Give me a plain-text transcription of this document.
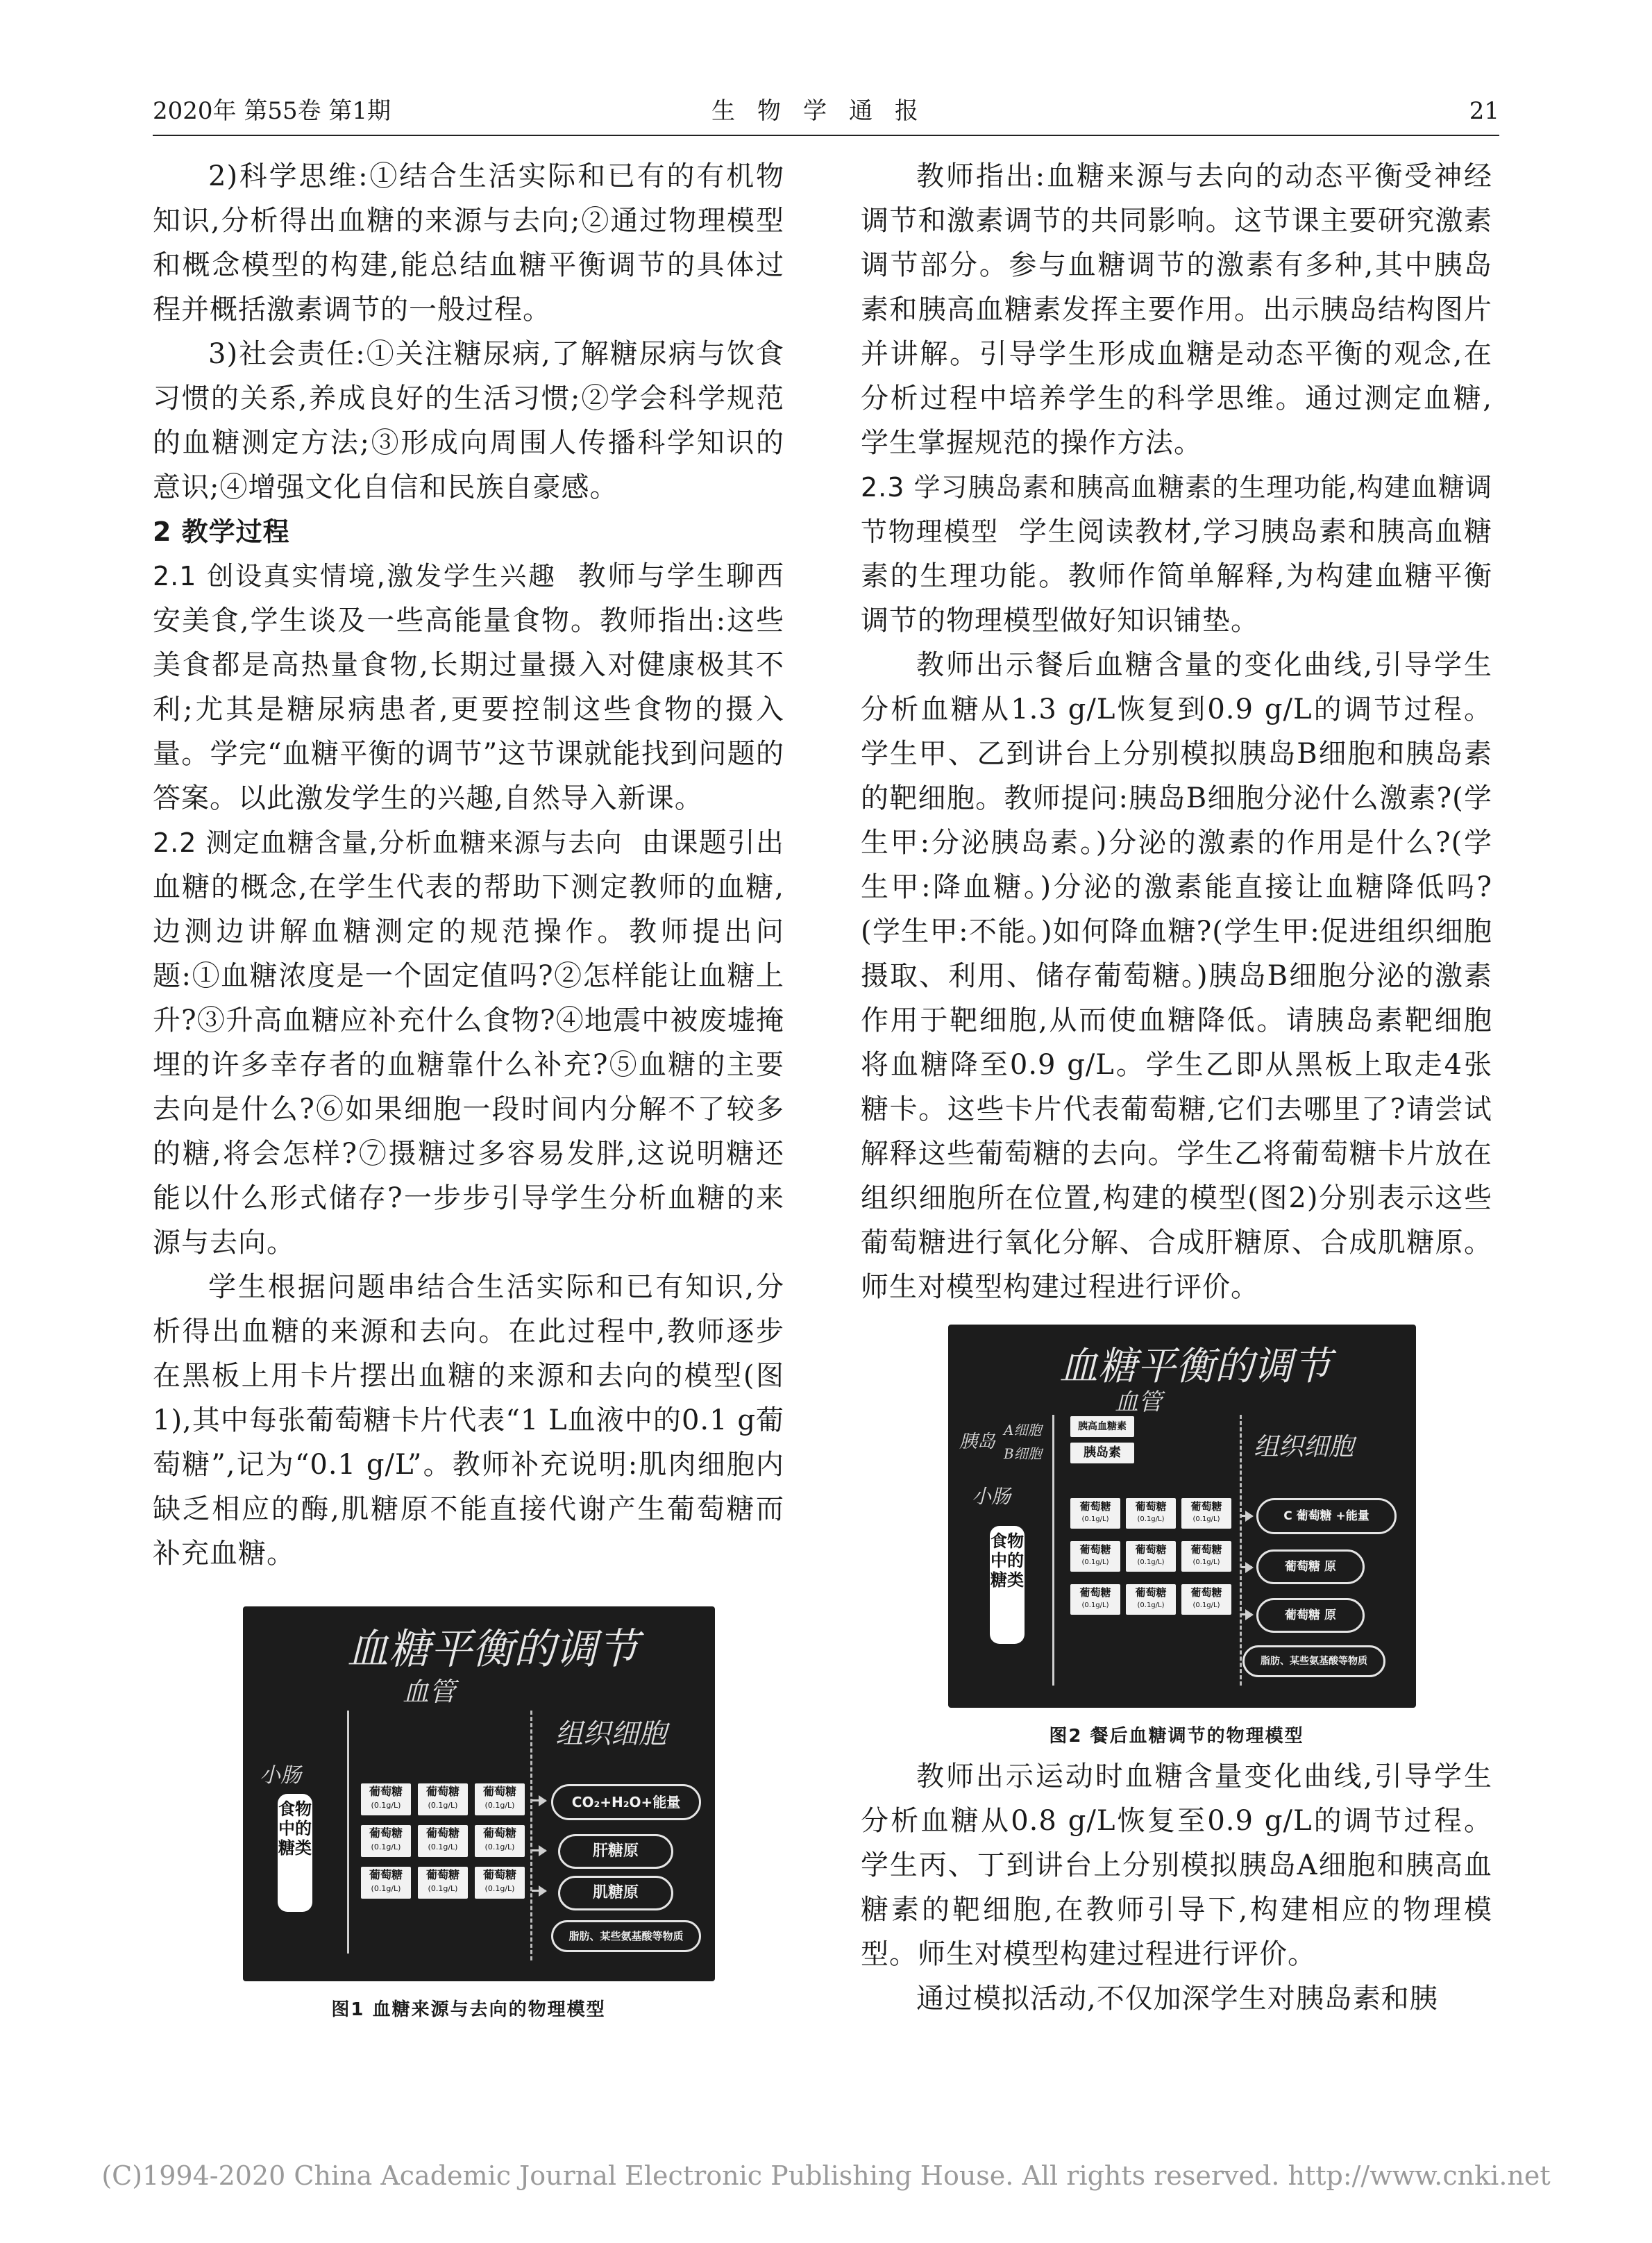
2020年 第55卷 第1期	生物学通报	21

2)科学思维:①结合生活实际和已有的有机物知识,分析得出血糖的来源与去向;②通过物理模型和概念模型的构建,能总结血糖平衡调节的具体过程并概括激素调节的一般过程。

3)社会责任:①关注糖尿病,了解糖尿病与饮食习惯的关系,养成良好的生活习惯;②学会科学规范的血糖测定方法;③形成向周围人传播科学知识的意识;④增强文化自信和民族自豪感。

2 教学过程

2.1 创设真实情境,激发学生兴趣 教师与学生聊西安美食,学生谈及一些高能量食物。教师指出:这些美食都是高热量食物,长期过量摄入对健康极其不利;尤其是糖尿病患者,更要控制这些食物的摄入量。学完“血糖平衡的调节”这节课就能找到问题的答案。以此激发学生的兴趣,自然导入新课。

2.2 测定血糖含量,分析血糖来源与去向 由课题引出血糖的概念,在学生代表的帮助下测定教师的血糖,边测边讲解血糖测定的规范操作。教师提出问题:①血糖浓度是一个固定值吗?②怎样能让血糖上升?③升高血糖应补充什么食物?④地震中被废墟掩埋的许多幸存者的血糖靠什么补充?⑤血糖的主要去向是什么?⑥如果细胞一段时间内分解不了较多的糖,将会怎样?⑦摄糖过多容易发胖,这说明糖还能以什么形式储存?一步步引导学生分析血糖的来源与去向。

学生根据问题串结合生活实际和已有知识,分析得出血糖的来源和去向。在此过程中,教师逐步在黑板上用卡片摆出血糖的来源和去向的模型(图1),其中每张葡萄糖卡片代表“1 L血液中的0.1 g葡萄糖”,记为“0.1 g/L”。教师补充说明:肌肉细胞内缺乏相应的酶,肌糖原不能直接代谢产生葡萄糖而补充血糖。

血糖平衡的调节
血管
组织细胞
小肠
食物中的糖类
葡萄糖
(0.1g/L)
葡萄糖
(0.1g/L)
葡萄糖
(0.1g/L)
葡萄糖
(0.1g/L)
葡萄糖
(0.1g/L)
葡萄糖
(0.1g/L)
葡萄糖
(0.1g/L)
葡萄糖
(0.1g/L)
葡萄糖
(0.1g/L)
CO₂+H₂O+能量
肝糖原
肌糖原
脂肪、某些氨基酸等物质
图1 血糖来源与去向的物理模型

教师指出:血糖来源与去向的动态平衡受神经调节和激素调节的共同影响。这节课主要研究激素调节部分。参与血糖调节的激素有多种,其中胰岛素和胰高血糖素发挥主要作用。出示胰岛结构图片并讲解。引导学生形成血糖是动态平衡的观念,在分析过程中培养学生的科学思维。通过测定血糖,学生掌握规范的操作方法。

2.3 学习胰岛素和胰高血糖素的生理功能,构建血糖调节物理模型 学生阅读教材,学习胰岛素和胰高血糖素的生理功能。教师作简单解释,为构建血糖平衡调节的物理模型做好知识铺垫。

教师出示餐后血糖含量的变化曲线,引导学生分析血糖从1.3 g/L恢复到0.9 g/L的调节过程。学生甲、乙到讲台上分别模拟胰岛B细胞和胰岛素的靶细胞。教师提问:胰岛B细胞分泌什么激素?(学生甲:分泌胰岛素。)分泌的激素的作用是什么?(学生甲:降血糖。)分泌的激素能直接让血糖降低吗?(学生甲:不能。)如何降血糖?(学生甲:促进组织细胞摄取、利用、储存葡萄糖。)胰岛B细胞分泌的激素作用于靶细胞,从而使血糖降低。请胰岛素靶细胞将血糖降至0.9 g/L。学生乙即从黑板上取走4张糖卡。这些卡片代表葡萄糖,它们去哪里了?请尝试解释这些葡萄糖的去向。学生乙将葡萄糖卡片放在组织细胞所在位置,构建的模型(图2)分别表示这些葡萄糖进行氧化分解、合成肝糖原、合成肌糖原。师生对模型构建过程进行评价。

血糖平衡的调节
血管
胰岛
A细胞
B细胞
胰高血糖素
胰岛素	组织细胞
小肠
食物中的糖类
葡萄糖
(0.1g/L)
葡萄糖
(0.1g/L)
葡萄糖
(0.1g/L)
葡萄糖
(0.1g/L)
葡萄糖
(0.1g/L)
葡萄糖
(0.1g/L)
葡萄糖
(0.1g/L)
葡萄糖
(0.1g/L)
葡萄糖
(0.1g/L)
C 葡萄糖 +能量
葡萄糖 原
葡萄糖 原
脂肪、某些氨基酸等物质
图2 餐后血糖调节的物理模型

教师出示运动时血糖含量变化曲线,引导学生分析血糖从0.8 g/L恢复至0.9 g/L的调节过程。学生丙、丁到讲台上分别模拟胰岛A细胞和胰高血糖素的靶细胞,在教师引导下,构建相应的物理模型。师生对模型构建过程进行评价。

通过模拟活动,不仅加深学生对胰岛素和胰

(C)1994-2020 China Academic Journal Electronic Publishing House. All rights reserved. http://www.cnki.net
